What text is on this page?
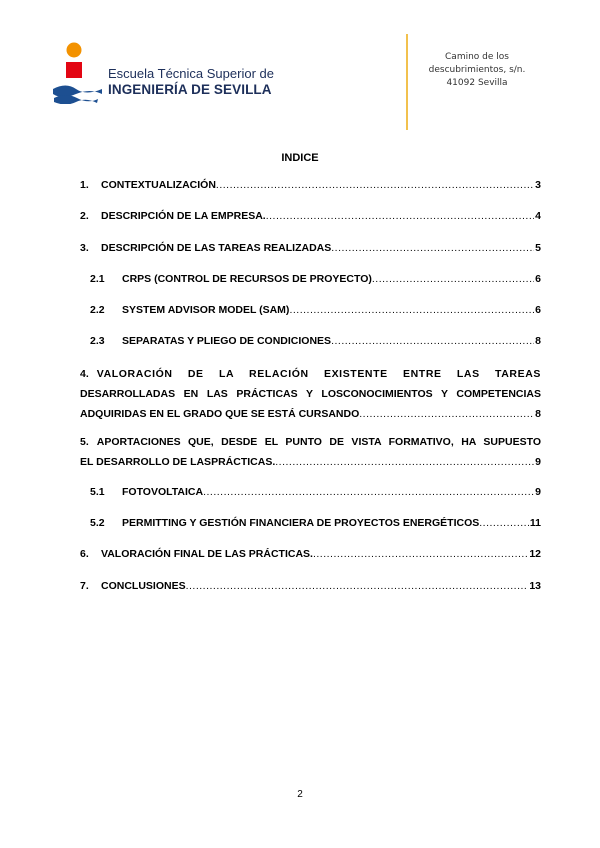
Escuela Técnica Superior de
INGENIERÍA DE SEVILLA
Camino de los
descubrimientos, s/n.
41092 Sevilla
INDICE
1.	CONTEXTUALIZACIÓN .....	3
2.	DESCRIPCIÓN DE LA EMPRESA. .....	4
3.	DESCRIPCIÓN DE LAS TAREAS REALIZADAS .....	5
2.1	CRPS (CONTROL DE RECURSOS DE PROYECTO) .....	6
2.2	SYSTEM ADVISOR MODEL (SAM) .....	6
2.3	SEPARATAS Y PLIEGO DE CONDICIONES .....	8
4. VALORACIÓN DE LA RELACIÓN EXISTENTE ENTRE LAS TAREAS
DESARROLLADAS EN LAS PRÁCTICAS Y LOSCONOCIMIENTOS Y COMPETENCIAS
ADQUIRIDAS EN EL GRADO QUE SE ESTÁ CURSANDO .....	8
5. APORTACIONES QUE, DESDE EL PUNTO DE VISTA FORMATIVO, HA SUPUESTO
EL DESARROLLO DE LASPRÁCTICAS. .....	9
5.1	FOTOVOLTAICA .....	9
5.2	PERMITTING Y GESTIÓN FINANCIERA DE PROYECTOS ENERGÉTICOS .....	11
6.	VALORACIÓN FINAL DE LAS PRÁCTICAS. .....	12
7.	CONCLUSIONES .....	13
2
